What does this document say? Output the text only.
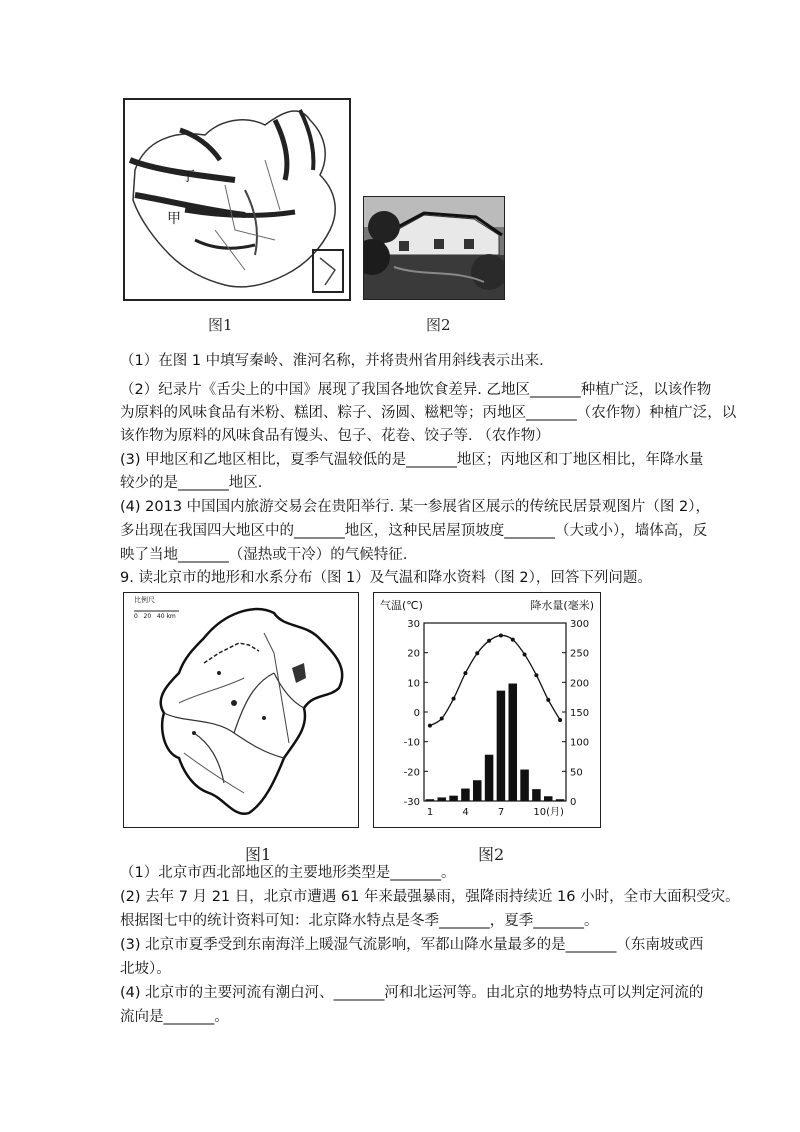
丁
甲
图1	图2
（1）在图 1 中填写秦岭、淮河名称，并将贵州省用斜线表示出来.
（2）纪录片《舌尖上的中国》展现了我国各地饮食差异. 乙地区_______种植广泛，以该作物
为原料的风味食品有米粉、糕团、粽子、汤圆、糍粑等；丙地区_______（农作物）种植广泛，以
该作物为原料的风味食品有馒头、包子、花卷、饺子等. （农作物）
(3) 甲地区和乙地区相比，夏季气温较低的是_______地区；丙地区和丁地区相比，年降水量
较少的是_______地区.
(4) 2013 中国国内旅游交易会在贵阳举行. 某一参展省区展示的传统民居景观图片（图 2），
多出现在我国四大地区中的_______地区，这种民居屋顶坡度_______（大或小），墙体高，反
映了当地_______（湿热或干冷）的气候特征.
9. 读北京市的地形和水系分布（图 1）及气温和降水资料（图 2），回答下列问题。
比例尺
0   20   40 km
气温(℃)	降水量(毫米)
30
20
10
0
-10
-20
-30
300
250
200
150
100
50
0
1	4	7	10(月)
图1	图2
（1）北京市西北部地区的主要地形类型是_______。
(2) 去年 7 月 21 日，北京市遭遇 61 年来最强暴雨，强降雨持续近 16 小时，全市大面积受灾。
根据图七中的统计资料可知：北京降水特点是冬季_______，夏季_______。
(3) 北京市夏季受到东南海洋上暖湿气流影响，军都山降水量最多的是_______（东南坡或西
北坡）。
(4) 北京市的主要河流有潮白河、_______河和北运河等。由北京的地势特点可以判定河流的
流向是_______。
